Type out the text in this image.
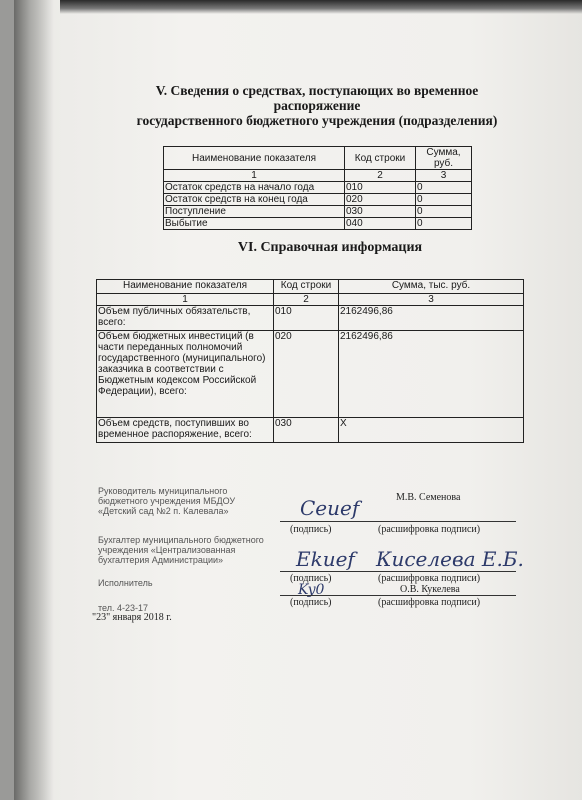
V. Сведения о средствах, поступающих во временное распоряжение
государственного бюджетного учреждения (подразделения)
Наименование показателя	Код строки	Сумма, руб.
1	2	3
Остаток средств на начало года	010	0
Остаток средств на конец года	020	0
Поступление	030	0
Выбытие	040	0
VI. Справочная информация
Наименование показателя	Код строки	Сумма, тыс. руб.
1	2	3
Объем публичных обязательств, всего:	010	2162496,86
Объем бюджетных инвестиций (в части переданных полномочий государственного (муниципального) заказчика в соответствии с Бюджетным кодексом Российской Федерации), всего:	020	2162496,86
Объем средств, поступивших во временное распоряжение, всего:	030	Х
Руководитель муниципального бюджетного учреждения МБДОУ «Детский сад №2 п. Калевала»
М.В. Семенова
Ceuef
(подпись)	(расшифровка подписи)
Бухгалтер муниципального бюджетного учреждения «Централизованная бухгалтерия Администрации»	Ekuef Киселева Е.Б.
(подпись)	(расшифровка подписи)
Исполнитель	Ky0	О.В. Кукелева
(подпись)	(расшифровка подписи)
тел. 4-23-17
"23" января 2018 г.
